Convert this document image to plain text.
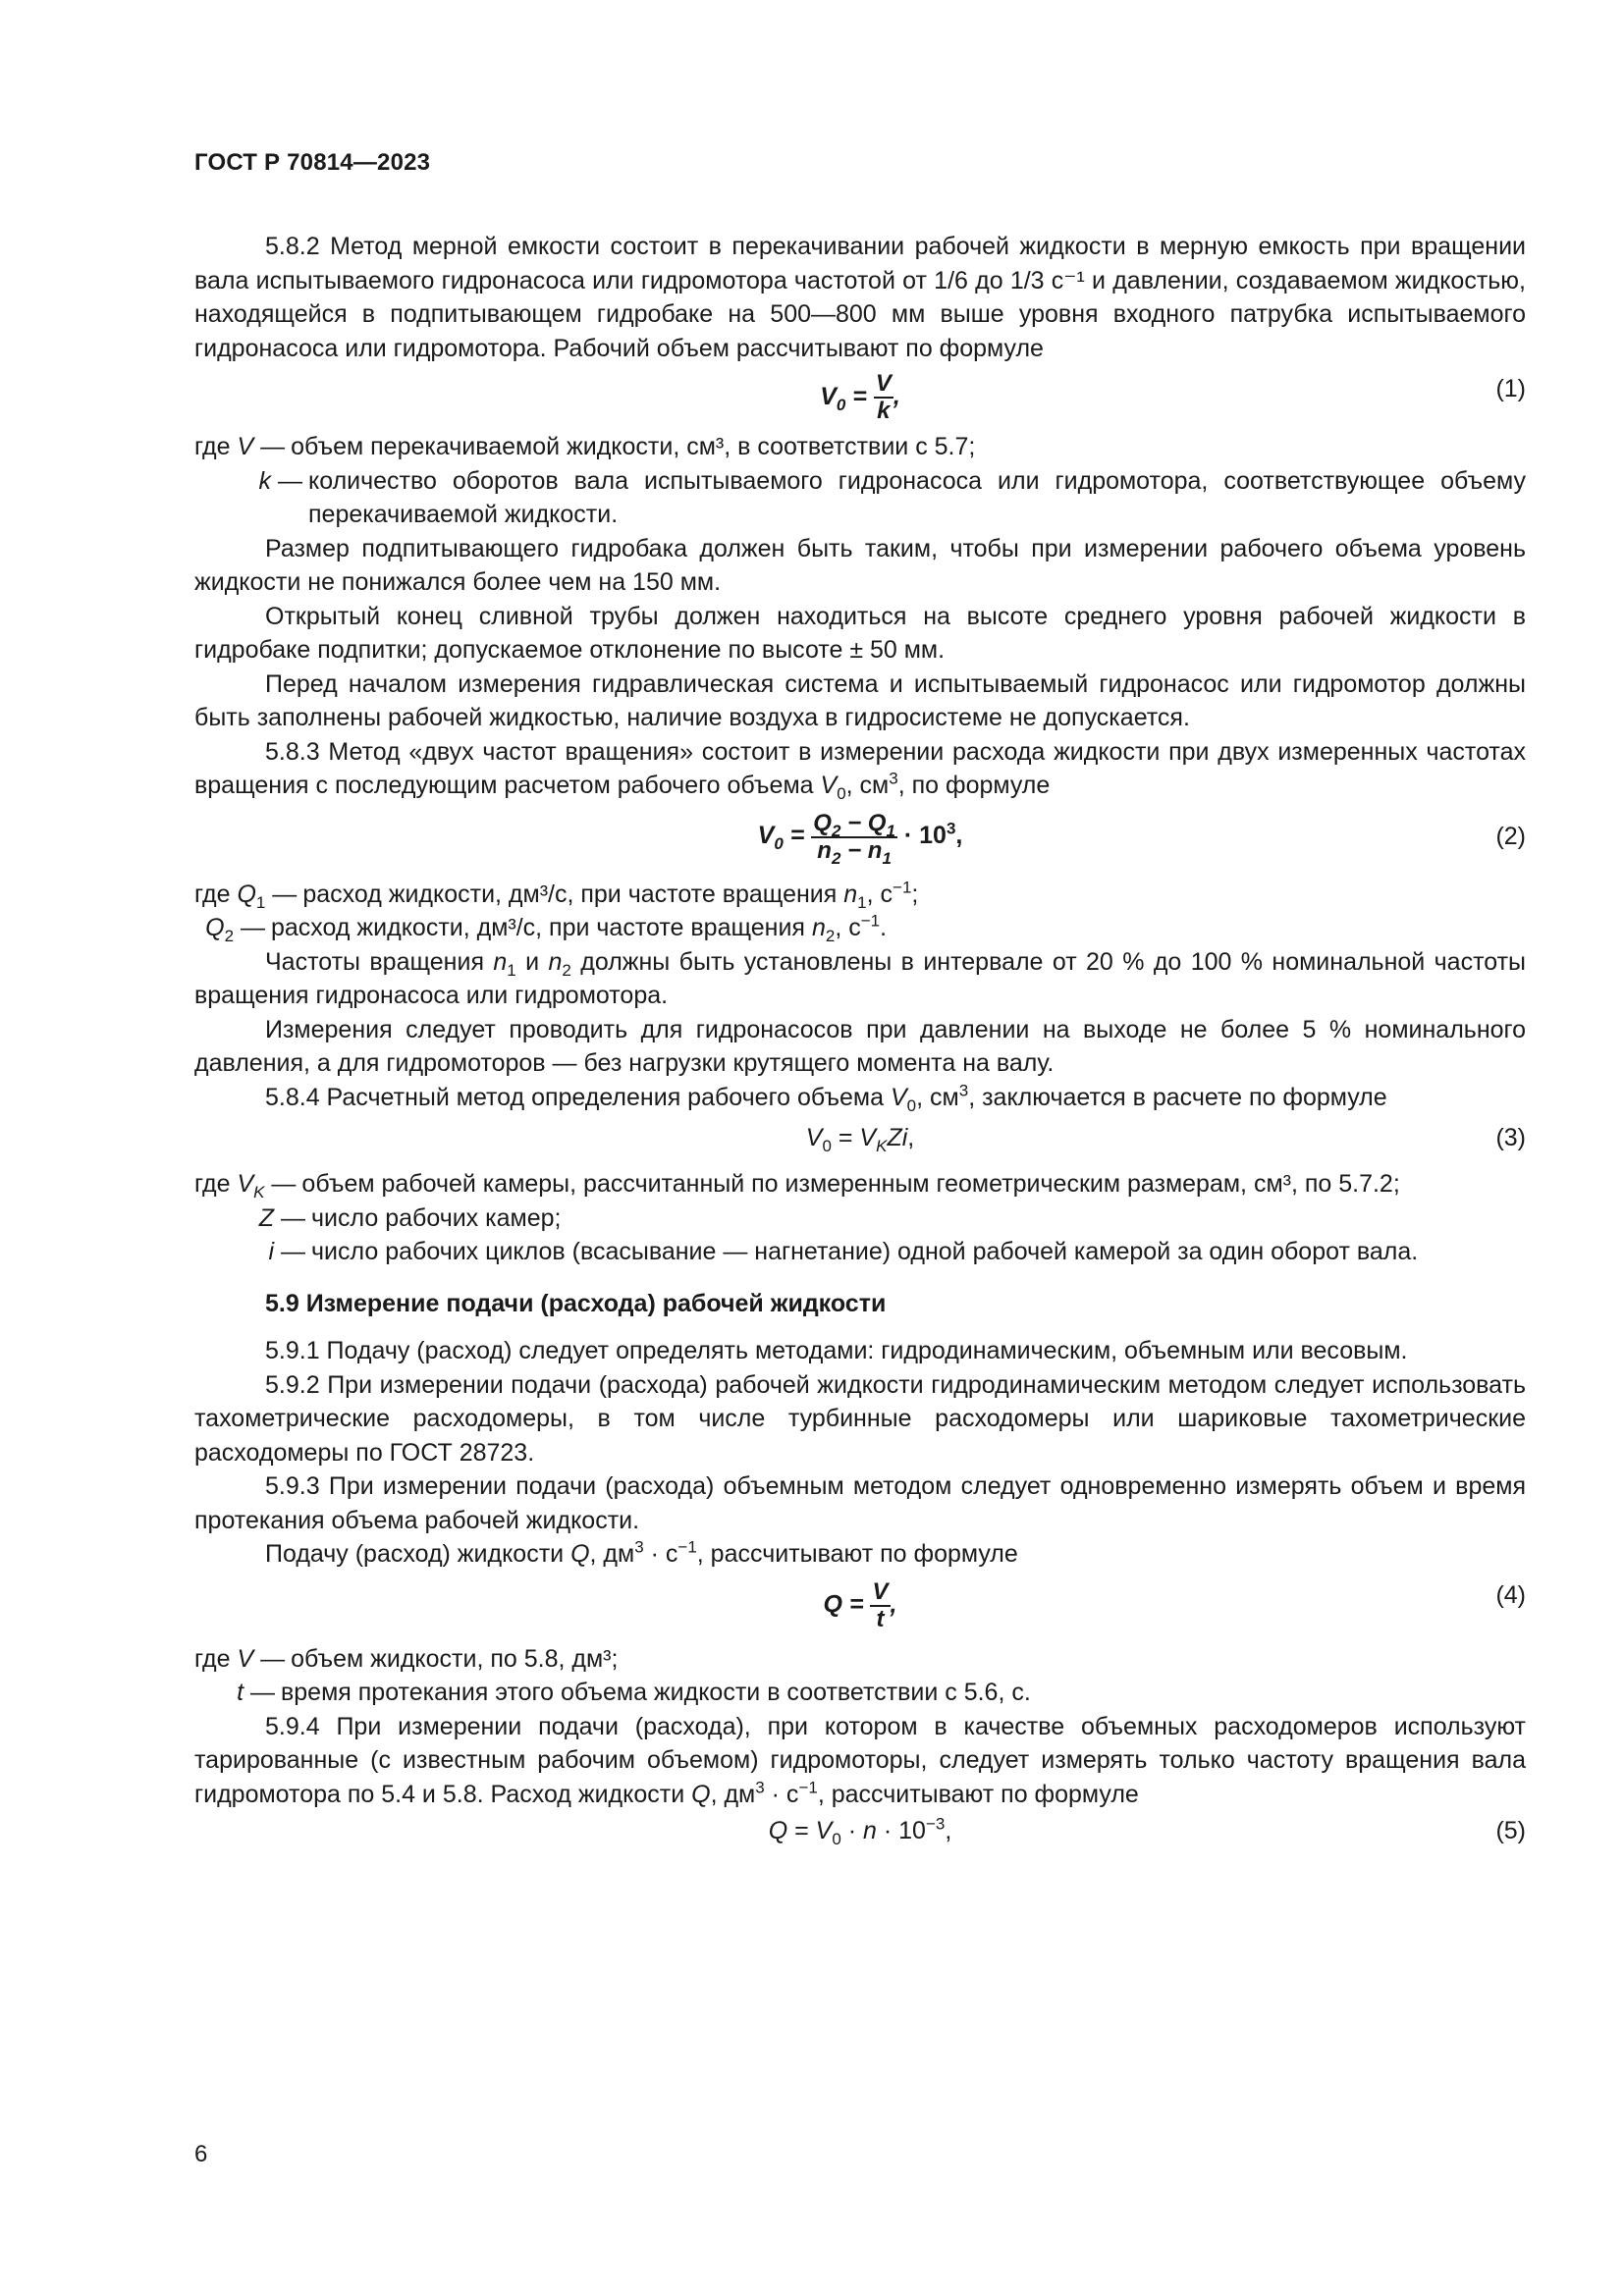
ГОСТ Р 70814—2023

5.8.2 Метод мерной емкости состоит в перекачивании рабочей жидкости в мерную емкость при вращении вала испытываемого гидронасоса или гидромотора частотой от 1/6 до 1/3 с⁻¹ и давлении, создаваемом жидкостью, находящейся в подпитывающем гидробаке на 500—800 мм выше уровня входного патрубка испытываемого гидронасоса или гидромотора. Рабочий объем рассчитывают по формуле

$V_0 = \frac{V}{k}$ ,	(1)
где V — объем перекачиваемой жидкости, см³, в соответствии с 5.7;
k — количество оборотов вала испытываемого гидронасоса или гидромотора, соответствующее объему перекачиваемой жидкости.

Размер подпитывающего гидробака должен быть таким, чтобы при измерении рабочего объема уровень жидкости не понижался более чем на 150 мм.

Открытый конец сливной трубы должен находиться на высоте среднего уровня рабочей жидкости в гидробаке подпитки; допускаемое отклонение по высоте ± 50 мм.

Перед началом измерения гидравлическая система и испытываемый гидронасос или гидромотор должны быть заполнены рабочей жидкостью, наличие воздуха в гидросистеме не допускается.

5.8.3 Метод «двух частот вращения» состоит в измерении расхода жидкости при двух измеренных частотах вращения с последующим расчетом рабочего объема $V_0$, $см^3$, по формуле

$V_0 = \frac{Q_2 - Q_1}{n_2 - n_1} \cdot 10^3$,	(2)
где $Q_1$ — расход жидкости, дм³/с, при частоте вращения $n_1$, $с^{-1}$;
$Q_2$ — расход жидкости, дм³/с, при частоте вращения $n_2$, $с^{-1}$.

Частоты вращения $n_1$ и $n_2$ должны быть установлены в интервале от 20 % до 100 % номинальной частоты вращения гидронасоса или гидромотора.

Измерения следует проводить для гидронасосов при давлении на выходе не более 5 % номинального давления, а для гидромоторов — без нагрузки крутящего момента на валу.

5.8.4 Расчетный метод определения рабочего объема $V_0$, $см^3$, заключается в расчете по формуле

$V_0 = V_KZi$,	(3)
где $V_K$ — объем рабочей камеры, рассчитанный по измеренным геометрическим размерам, см³, по 5.7.2;
Z — число рабочих камер;
i — число рабочих циклов (всасывание — нагнетание) одной рабочей камерой за один оборот вала.
5.9 Измерение подачи (расхода) рабочей жидкости

5.9.1 Подачу (расход) следует определять методами: гидродинамическим, объемным или весовым.

5.9.2 При измерении подачи (расхода) рабочей жидкости гидродинамическим методом следует использовать тахометрические расходомеры, в том числе турбинные расходомеры или шариковые тахометрические расходомеры по ГОСТ 28723.

5.9.3 При измерении подачи (расхода) объемным методом следует одновременно измерять объем и время протекания объема рабочей жидкости.

Подачу (расход) жидкости Q, $дм^3 \cdot с^{-1}$, рассчитывают по формуле

$Q = \frac{V}{t}$ ,	(4)
где V — объем жидкости, по 5.8, дм³;
t — время протекания этого объема жидкости в соответствии с 5.6, с.

5.9.4 При измерении подачи (расхода), при котором в качестве объемных расходомеров используют тарированные (с известным рабочим объемом) гидромоторы, следует измерять только частоту вращения вала гидромотора по 5.4 и 5.8. Расход жидкости Q, $дм^3 \cdot с^{-1}$, рассчитывают по формуле

$Q = V_0 \cdot n \cdot 10^{-3}$,	(5)
6
